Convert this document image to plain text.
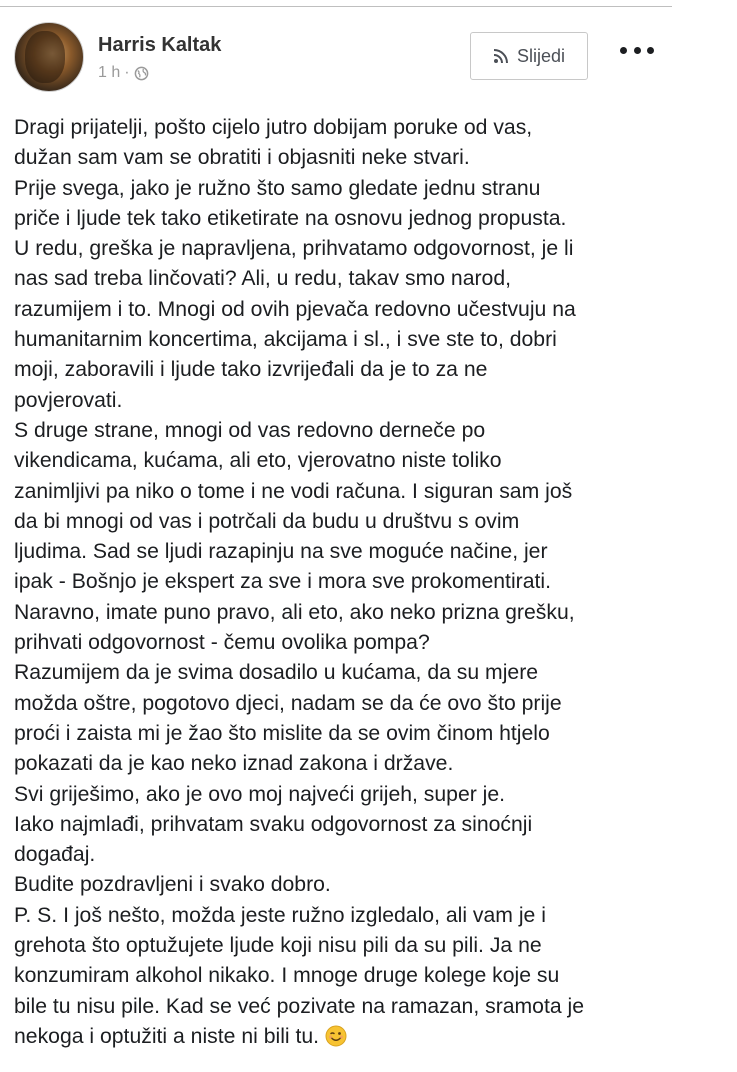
Harris Kaltak
1 h ·
Slijedi
Dragi prijatelji, pošto cijelo jutro dobijam poruke od vas,
dužan sam vam se obratiti i objasniti neke stvari.
Prije svega, jako je ružno što samo gledate jednu stranu
priče i ljude tek tako etiketirate na osnovu jednog propusta.
U redu, greška je napravljena, prihvatamo odgovornost, je li
nas sad treba linčovati? Ali, u redu, takav smo narod,
razumijem i to. Mnogi od ovih pjevača redovno učestvuju na
humanitarnim koncertima, akcijama i sl., i sve ste to, dobri
moji, zaboravili i ljude tako izvrijeđali da je to za ne
povjerovati.
S druge strane, mnogi od vas redovno derneče po
vikendicama, kućama, ali eto, vjerovatno niste toliko
zanimljivi pa niko o tome i ne vodi računa. I siguran sam još
da bi mnogi od vas i potrčali da budu u društvu s ovim
ljudima. Sad se ljudi razapinju na sve moguće načine, jer
ipak - Bošnjo je ekspert za sve i mora sve prokomentirati.
Naravno, imate puno pravo, ali eto, ako neko prizna grešku,
prihvati odgovornost - čemu ovolika pompa?
Razumijem da je svima dosadilo u kućama, da su mjere
možda oštre, pogotovo djeci, nadam se da će ovo što prije
proći i zaista mi je žao što mislite da se ovim činom htjelo
pokazati da je kao neko iznad zakona i države.
Svi griješimo, ako je ovo moj najveći grijeh, super je.
Iako najmlađi, prihvatam svaku odgovornost za sinoćnji
događaj.
Budite pozdravljeni i svako dobro.
P. S. I još nešto, možda jeste ružno izgledalo, ali vam je i
grehota što optužujete ljude koji nisu pili da su pili. Ja ne
konzumiram alkohol nikako. I mnoge druge kolege koje su
bile tu nisu pile. Kad se već pozivate na ramazan, sramota je
nekoga i optužiti a niste ni bili tu.
